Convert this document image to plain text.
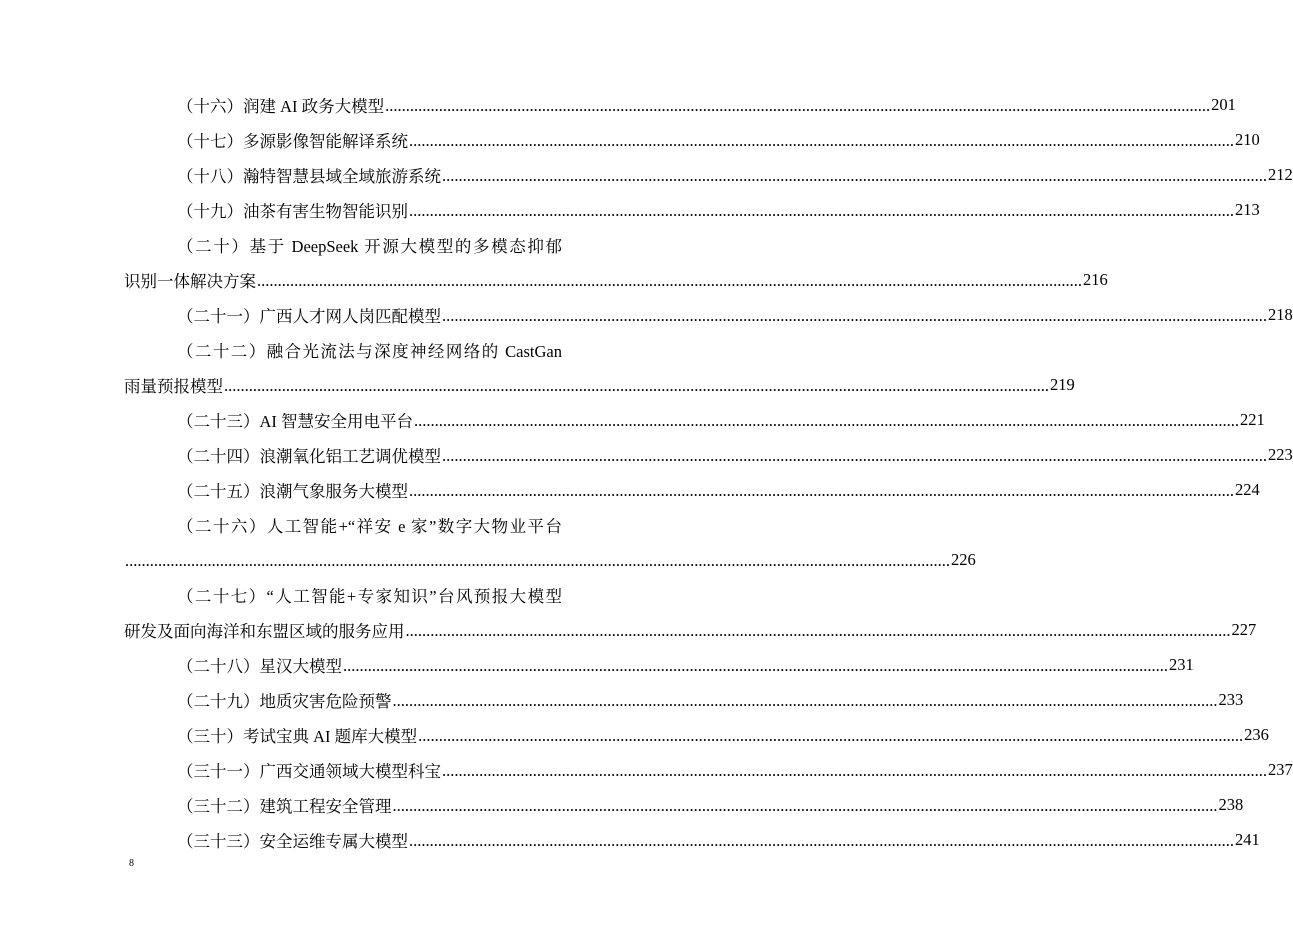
（十六）润建 AI 政务大模型 ........................................................................................................................................................................................................ 201
（十七）多源影像智能解译系统 ........................................................................................................................................................................................................ 210
（十八）瀚特智慧县域全域旅游系统 ........................................................................................................................................................................................................ 212
（十九）油茶有害生物智能识别 ........................................................................................................................................................................................................ 213
（二十）基于 DeepSeek 开源大模型的多模态抑郁
识别一体解决方案 ........................................................................................................................................................................................................ 216
（二十一）广西人才网人岗匹配模型 ........................................................................................................................................................................................................ 218
（二十二）融合光流法与深度神经网络的 CastGan
雨量预报模型 ........................................................................................................................................................................................................ 219
（二十三）AI 智慧安全用电平台 ........................................................................................................................................................................................................ 221
（二十四）浪潮氧化铝工艺调优模型 ........................................................................................................................................................................................................ 223
（二十五）浪潮气象服务大模型 ........................................................................................................................................................................................................ 224
（二十六）人工智能+“祥安 e 家”数字大物业平台
........................................................................................................................................................................................................ 226
（二十七）“人工智能+专家知识”台风预报大模型
研发及面向海洋和东盟区域的服务应用 ........................................................................................................................................................................................................ 227
（二十八）星汉大模型 ........................................................................................................................................................................................................ 231
（二十九）地质灾害危险预警 ........................................................................................................................................................................................................ 233
（三十）考试宝典 AI 题库大模型 ........................................................................................................................................................................................................ 236
（三十一）广西交通领域大模型科宝 ........................................................................................................................................................................................................ 237
（三十二）建筑工程安全管理 ........................................................................................................................................................................................................ 238
（三十三）安全运维专属大模型 ........................................................................................................................................................................................................ 241
8
